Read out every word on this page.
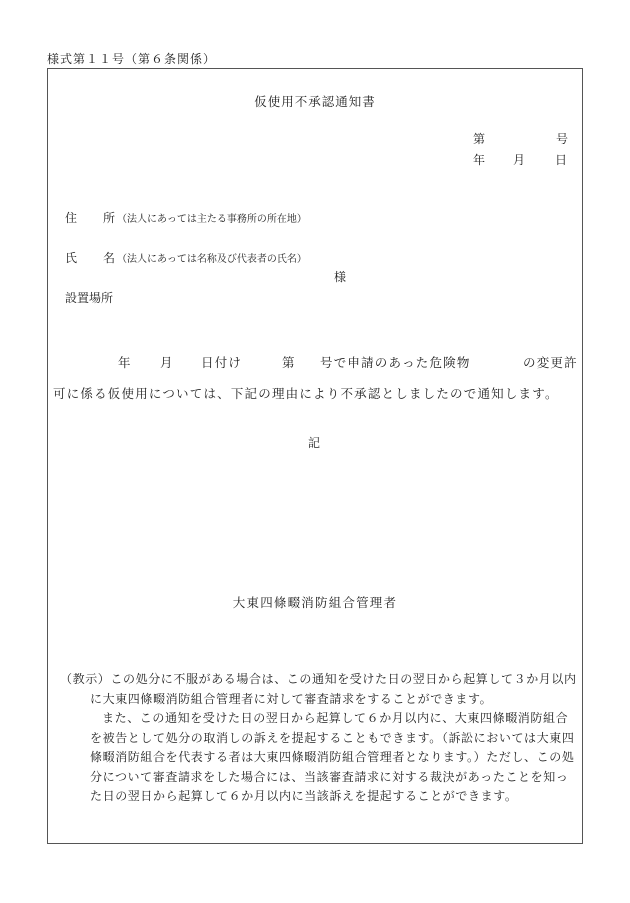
様式第１１号（第６条関係）
仮使用不承認通知書
第	号
年 月 日
住 所 （法人にあっては主たる事務所の所在地）
氏 名 （法人にあっては名称及び代表者の氏名）
様
設置場所
年 月 日付け	第 号で申請のあった危険物	の変更許
可に係る仮使用については、下記の理由により不承認としましたので通知します。
記
大東四條畷消防組合管理者

（教示）この処分に不服がある場合は、この通知を受けた日の翌日から起算して３か月以内に大東四條畷消防組合管理者に対して審査請求をすることができます。

また、この通知を受けた日の翌日から起算して６か月以内に、大東四條畷消防組合を被告として処分の取消しの訴えを提起することもできます。（訴訟においては大東四條畷消防組合を代表する者は大東四條畷消防組合管理者となります。）ただし、この処分について審査請求をした場合には、当該審査請求に対する裁決があったことを知った日の翌日から起算して６か月以内に当該訴えを提起することができます。
